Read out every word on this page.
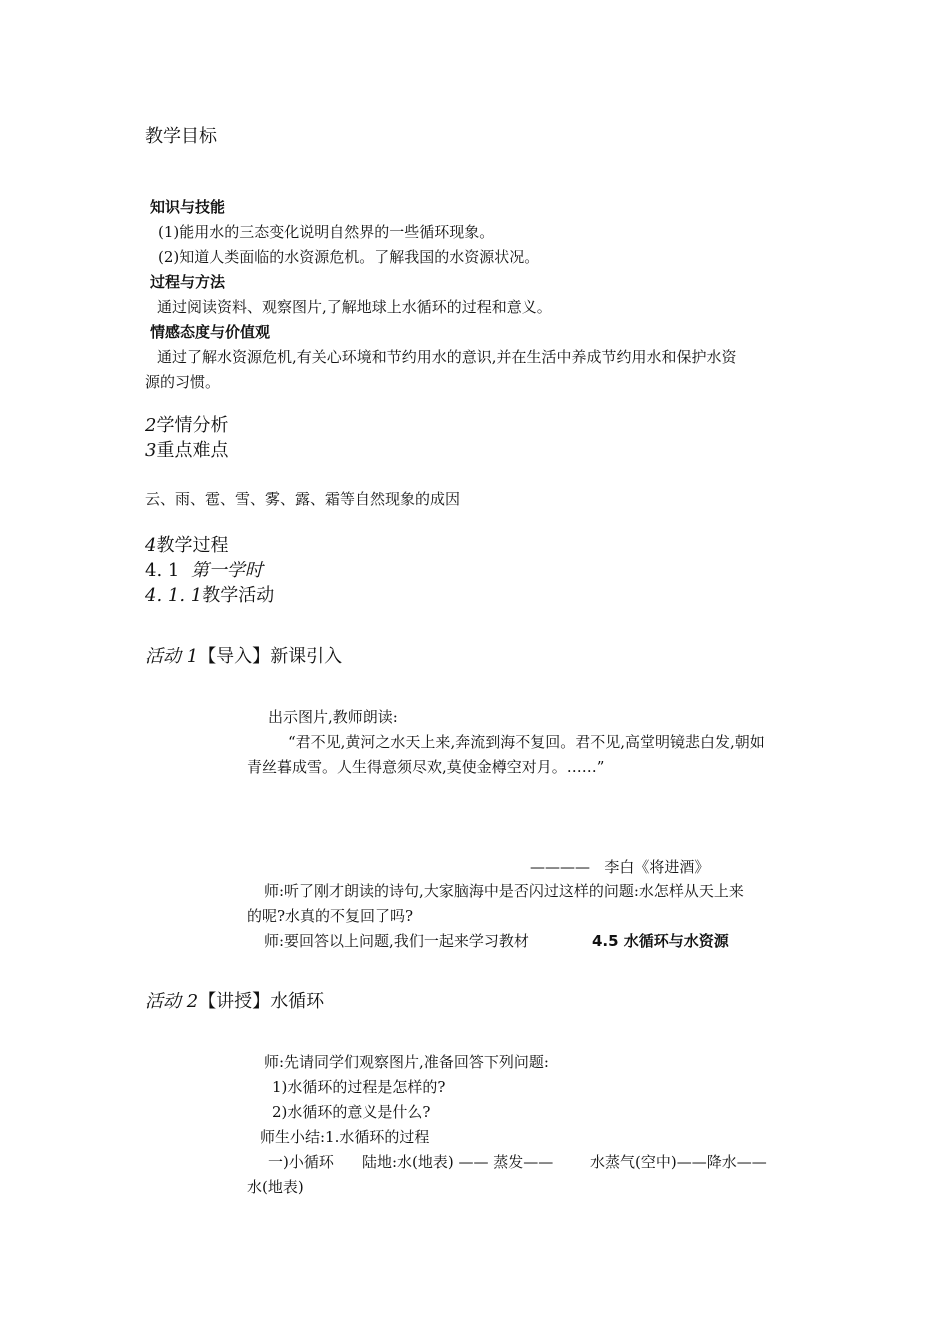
教学目标
知识与技能
(1)能用水的三态变化说明自然界的一些循环现象。
(2)知道人类面临的水资源危机。了解我国的水资源状况。
过程与方法
通过阅读资料、观察图片,了解地球上水循环的过程和意义。
情感态度与价值观
通过了解水资源危机,有关心环境和节约用水的意识,并在生活中养成节约用水和保护水资
源的习惯。
2学情分析
3重点难点
云、雨、雹、雪、雾、露、霜等自然现象的成因
4教学过程
4. 1 第一学时
4. 1. 1教学活动
活动 1【导入】新课引入
出示图片,教师朗读:
“君不见,黄河之水天上来,奔流到海不复回。君不见,高堂明镜悲白发,朝如
青丝暮成雪。人生得意须尽欢,莫使金樽空对月。……”
———— 李白《将进酒》
师:听了刚才朗读的诗句,大家脑海中是否闪过这样的问题:水怎样从天上来
的呢?水真的不复回了吗?
师:要回答以上问题,我们一起来学习教材	4.5 水循环与水资源
活动 2【讲授】水循环
师:先请同学们观察图片,准备回答下列问题:
1)水循环的过程是怎样的?
2)水循环的意义是什么?
师生小结:1.水循环的过程
一)小循环 陆地:水(地表) —— 蒸发—— 水蒸气(空中)——降水——
水(地表)
